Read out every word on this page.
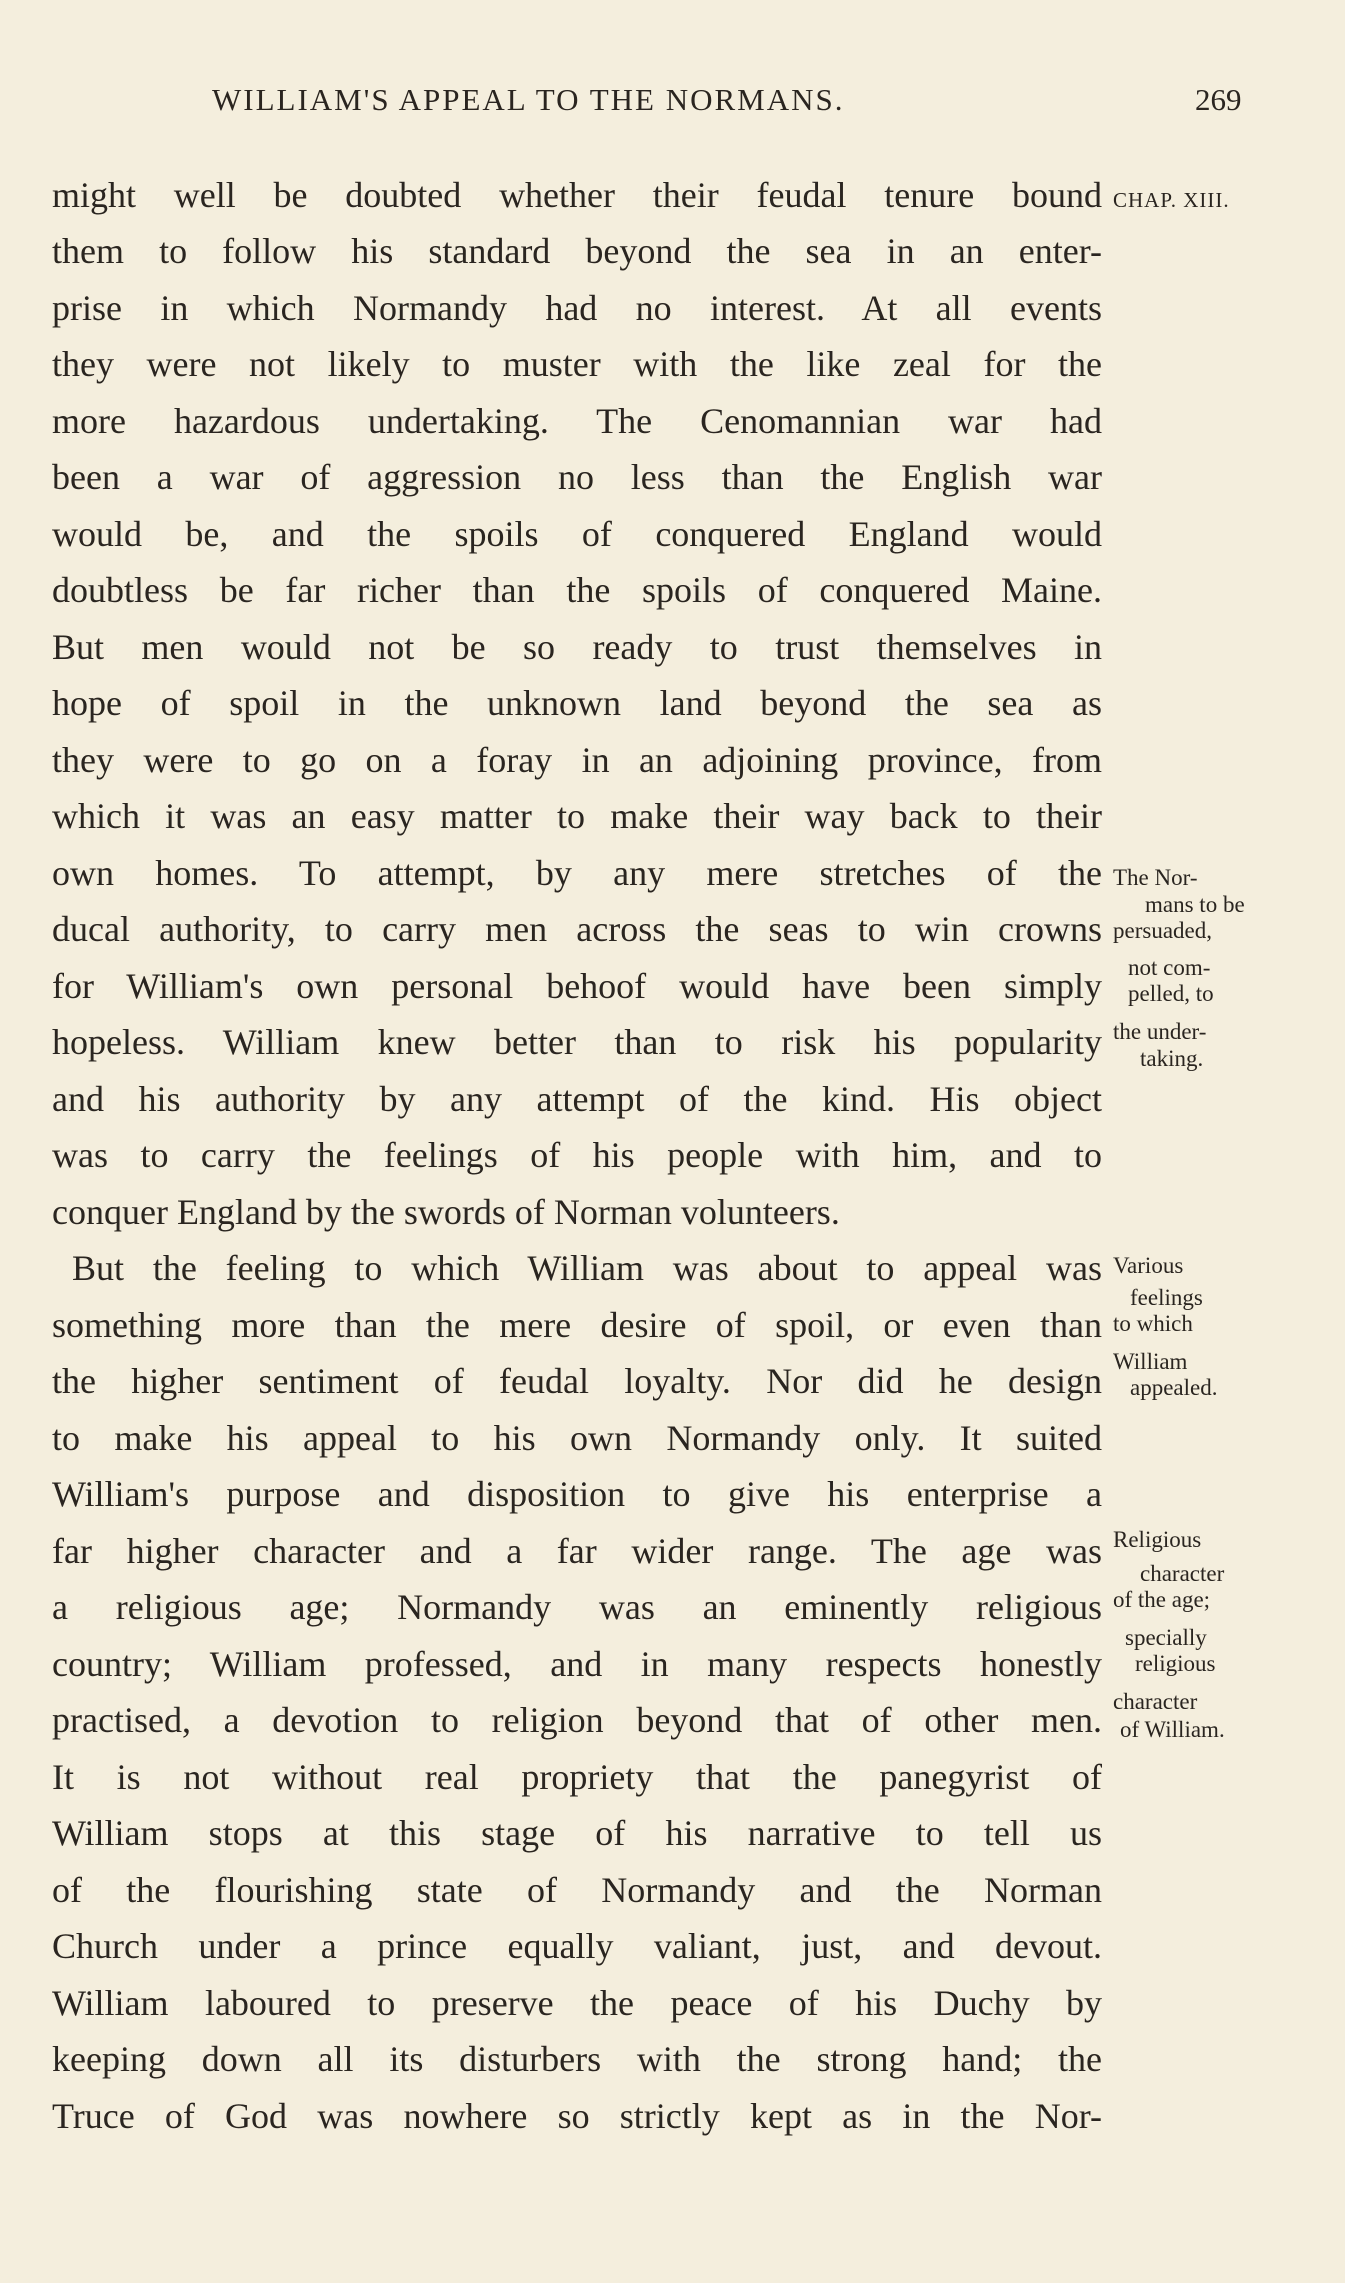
WILLIAM'S APPEAL TO THE NORMANS.	269
might well be doubted whether their feudal tenure bound
them to follow his standard beyond the sea in an enter-
prise in which Normandy had no interest. At all events
they were not likely to muster with the like zeal for the
more hazardous undertaking. The Cenomannian war had
been a war of aggression no less than the English war
would be, and the spoils of conquered England would
doubtless be far richer than the spoils of conquered Maine.
But men would not be so ready to trust themselves in
hope of spoil in the unknown land beyond the sea as
they were to go on a foray in an adjoining province, from
which it was an easy matter to make their way back to their
own homes. To attempt, by any mere stretches of the
ducal authority, to carry men across the seas to win crowns
for William's own personal behoof would have been simply
hopeless. William knew better than to risk his popularity
and his authority by any attempt of the kind. His object
was to carry the feelings of his people with him, and to
conquer England by the swords of Norman volunteers.
But the feeling to which William was about to appeal was
something more than the mere desire of spoil, or even than
the higher sentiment of feudal loyalty. Nor did he design
to make his appeal to his own Normandy only. It suited
William's purpose and disposition to give his enterprise a
far higher character and a far wider range. The age was
a religious age; Normandy was an eminently religious
country; William professed, and in many respects honestly
practised, a devotion to religion beyond that of other men.
It is not without real propriety that the panegyrist of
William stops at this stage of his narrative to tell us
of the flourishing state of Normandy and the Norman
Church under a prince equally valiant, just, and devout.
William laboured to preserve the peace of his Duchy by
keeping down all its disturbers with the strong hand; the
Truce of God was nowhere so strictly kept as in the Nor-
CHAP. XIII.
The Nor-
mans to be
persuaded,
not com-
pelled, to
the under-
taking.
Various
feelings
to which
William
appealed.
Religious
character
of the age;
specially
religious
character
of William.
